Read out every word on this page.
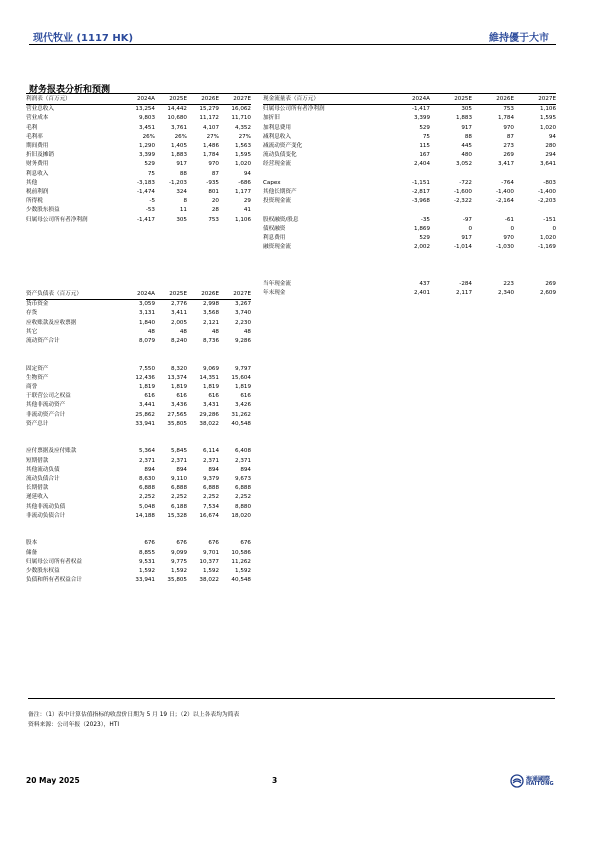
现代牧业 (1117 HK)	維持優于大市
财务报表分析和预测
利润表（百万元）	2024A	2025E	2026E	2027E
营业总收入	13,254	14,442	15,279	16,062
营业成本	9,803	10,680	11,172	11,710
毛利	3,451	3,761	4,107	4,352
毛利率	26%	26%	27%	27%
期间费用	1,290	1,405	1,486	1,563
折旧及摊销	3,399	1,883	1,784	1,595
财务费用	529	917	970	1,020
利息收入	75	88	87	94
其他	-3,183	-1,203	-935	-686
税前利润	-1,474	324	801	1,177
所得税	-5	8	20	29
少数股东损益	-53	11	28	41
归属母公司所有者净利润	-1,417	305	753	1,106
现金流量表（百万元）	2024A	2025E	2026E	2027E
归属母公司所有者净利润	-1,417	305	753	1,106
加折旧	3,399	1,883	1,784	1,595
加利息费用	529	917	970	1,020
减利息收入	75	88	87	94
减流动资产变化	115	445	273	280
流动负债变化	167	480	269	294
经营现金流	2,404	3,052	3,417	3,641

Capex	-1,151	-722	-764	-803
其他长期资产	-2,817	-1,600	-1,400	-1,400
投资现金流	-3,968	-2,322	-2,164	-2,203

股权融资/股息	-35	-97	-61	-151
债权融资	1,869	0	0	0
利息费用	529	917	970	1,020
融资现金流	2,002	-1,014	-1,030	-1,169

当年现金流	437	-284	223	269
年末现金	2,401	2,117	2,340	2,609
资产负债表（百万元）	2024A	2025E	2026E	2027E
货币资金	3,059	2,776	2,998	3,267
存货	3,131	3,411	3,568	3,740
应收账款及应收票据	1,840	2,005	2,121	2,230
其它	48	48	48	48
流动资产合计	8,079	8,240	8,736	9,286

固定资产	7,550	8,320	9,069	9,797
生物资产	12,436	13,374	14,351	15,604
商誉	1,819	1,819	1,819	1,819
于联营公司之权益	616	616	616	616
其他非流动资产	3,441	3,436	3,431	3,426
非流动资产合计	25,862	27,565	29,286	31,262
资产总计	33,941	35,805	38,022	40,548

应付票据及应付账款	5,364	5,845	6,114	6,408
短期借款	2,371	2,371	2,371	2,371
其他流动负债	894	894	894	894
流动负债合计	8,630	9,110	9,379	9,673
长期借款	6,888	6,888	6,888	6,888
递延收入	2,252	2,252	2,252	2,252
其他非流动负债	5,048	6,188	7,534	8,880
非流动负债合计	14,188	15,328	16,674	18,020

股本	676	676	676	676
储备	8,855	9,099	9,701	10,586
归属母公司所有者权益	9,531	9,775	10,377	11,262
少数股东权益	1,592	1,592	1,592	1,592
负债和所有者权益合计	33,941	35,805	38,022	40,548
备注：（1）表中计算估值指标的收盘价日期为 5 月 19 日；（2）以上各表均为简表
资料来源：公司年报（2023），HTI
20 May 2025	3	海通國際
HAITONG
